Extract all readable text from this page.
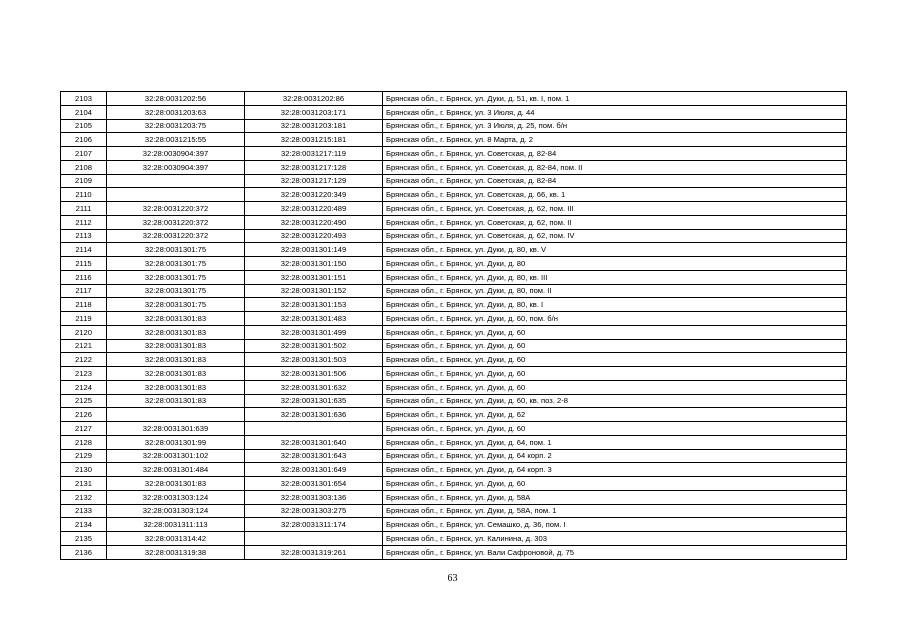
2103	32:28:0031202:56	32:28:0031202:86	Брянская обл., г. Брянск, ул. Дуки, д. 51, кв. I, пом. 1
2104	32:28:0031203:63	32:28:0031203:171	Брянская обл., г. Брянск, ул. 3 Июля, д. 44
2105	32:28:0031203:75	32:28:0031203:181	Брянская обл., г. Брянск, ул. 3 Июля, д. 25, пом. б/н
2106	32:28:0031215:55	32:28:0031215:181	Брянская обл., г. Брянск, ул. 8 Марта, д. 2
2107	32:28:0030904:397	32:28:0031217:119	Брянская обл., г. Брянск, ул. Советская, д. 82-84
2108	32:28:0030904:397	32:28:0031217:128	Брянская обл., г. Брянск, ул. Советская, д. 82-84, пом. II
2109		32:28:0031217:129	Брянская обл., г. Брянск, ул. Советская, д. 82-84
2110		32:28:0031220:349	Брянская обл., г. Брянск, ул. Советская, д. 66, кв. 1
2111	32:28:0031220:372	32:28:0031220:489	Брянская обл., г. Брянск, ул. Советская, д. 62, пом. III
2112	32:28:0031220:372	32:28:0031220:490	Брянская обл., г. Брянск, ул. Советская, д. 62, пом. II
2113	32:28:0031220:372	32:28:0031220:493	Брянская обл., г. Брянск, ул. Советская, д. 62, пом. IV
2114	32:28:0031301:75	32:28:0031301:149	Брянская обл., г. Брянск, ул. Дуки, д. 80, кв. V
2115	32:28:0031301:75	32:28:0031301:150	Брянская обл., г. Брянск, ул. Дуки, д. 80
2116	32:28:0031301:75	32:28:0031301:151	Брянская обл., г. Брянск, ул. Дуки, д. 80, кв. III
2117	32:28:0031301:75	32:28:0031301:152	Брянская обл., г. Брянск, ул. Дуки, д. 80, пом. II
2118	32:28:0031301:75	32:28:0031301:153	Брянская обл., г. Брянск, ул. Дуки, д. 80, кв. I
2119	32:28:0031301:83	32:28:0031301:483	Брянская обл., г. Брянск, ул. Дуки, д. 60, пом. б/н
2120	32:28:0031301:83	32:28:0031301:499	Брянская обл., г. Брянск, ул. Дуки, д. 60
2121	32:28:0031301:83	32:28:0031301:502	Брянская обл., г. Брянск, ул. Дуки, д. 60
2122	32:28:0031301:83	32:28:0031301:503	Брянская обл., г. Брянск, ул. Дуки, д. 60
2123	32:28:0031301:83	32:28:0031301:506	Брянская обл., г. Брянск, ул. Дуки, д. 60
2124	32:28:0031301:83	32:28:0031301:632	Брянская обл., г. Брянск, ул. Дуки, д. 60
2125	32:28:0031301:83	32:28:0031301:635	Брянская обл., г. Брянск, ул. Дуки, д. 60, кв. поз. 2-8
2126		32:28:0031301:636	Брянская обл., г. Брянск, ул. Дуки, д. 62
2127	32:28:0031301:639		Брянская обл., г. Брянск, ул. Дуки, д. 60
2128	32:28:0031301:99	32:28:0031301:640	Брянская обл., г. Брянск, ул. Дуки, д. 64, пом. 1
2129	32:28:0031301:102	32:28:0031301:643	Брянская обл., г. Брянск, ул. Дуки, д. 64 корп. 2
2130	32:28:0031301:484	32:28:0031301:649	Брянская обл., г. Брянск, ул. Дуки, д. 64 корп. 3
2131	32:28:0031301:83	32:28:0031301:654	Брянская обл., г. Брянск, ул. Дуки, д. 60
2132	32:28:0031303:124	32:28:0031303:136	Брянская обл., г. Брянск, ул. Дуки, д. 58А
2133	32:28:0031303:124	32:28:0031303:275	Брянская обл., г. Брянск, ул. Дуки, д. 58А, пом. 1
2134	32:28:0031311:113	32:28:0031311:174	Брянская обл., г. Брянск, ул. Семашко, д. 36, пом. I
2135	32:28:0031314:42		Брянская обл., г. Брянск, ул. Калинина, д. 303
2136	32:28:0031319:38	32:28:0031319:261	Брянская обл., г. Брянск, ул. Вали Сафроновой, д. 75
63
